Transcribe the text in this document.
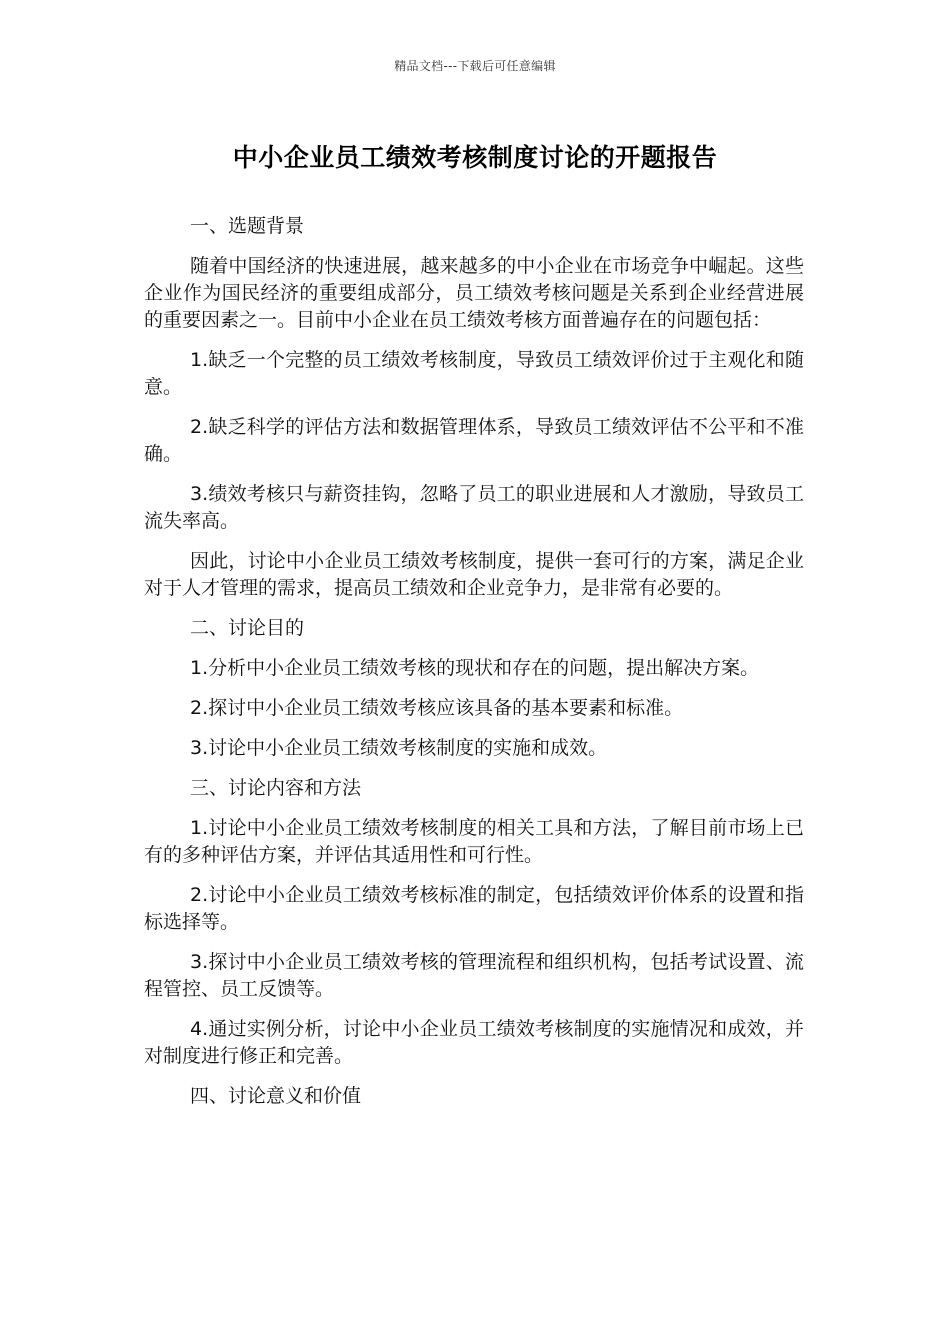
精品文档---下载后可任意编辑
中小企业员工绩效考核制度讨论的开题报告
一、选题背景

随着中国经济的快速进展，越来越多的中小企业在市场竞争中崛起。这些企业作为国民经济的重要组成部分，员工绩效考核问题是关系到企业经营进展的重要因素之一。目前中小企业在员工绩效考核方面普遍存在的问题包括：

1.缺乏一个完整的员工绩效考核制度，导致员工绩效评价过于主观化和随意。

2.缺乏科学的评估方法和数据管理体系，导致员工绩效评估不公平和不准确。

3.绩效考核只与薪资挂钩，忽略了员工的职业进展和人才激励，导致员工流失率高。

因此，讨论中小企业员工绩效考核制度，提供一套可行的方案，满足企业对于人才管理的需求，提高员工绩效和企业竞争力，是非常有必要的。

二、讨论目的

1.分析中小企业员工绩效考核的现状和存在的问题，提出解决方案。

2.探讨中小企业员工绩效考核应该具备的基本要素和标准。

3.讨论中小企业员工绩效考核制度的实施和成效。

三、讨论内容和方法

1.讨论中小企业员工绩效考核制度的相关工具和方法，了解目前市场上已有的多种评估方案，并评估其适用性和可行性。

2.讨论中小企业员工绩效考核标准的制定，包括绩效评价体系的设置和指标选择等。

3.探讨中小企业员工绩效考核的管理流程和组织机构，包括考试设置、流程管控、员工反馈等。

4.通过实例分析，讨论中小企业员工绩效考核制度的实施情况和成效，并对制度进行修正和完善。

四、讨论意义和价值
